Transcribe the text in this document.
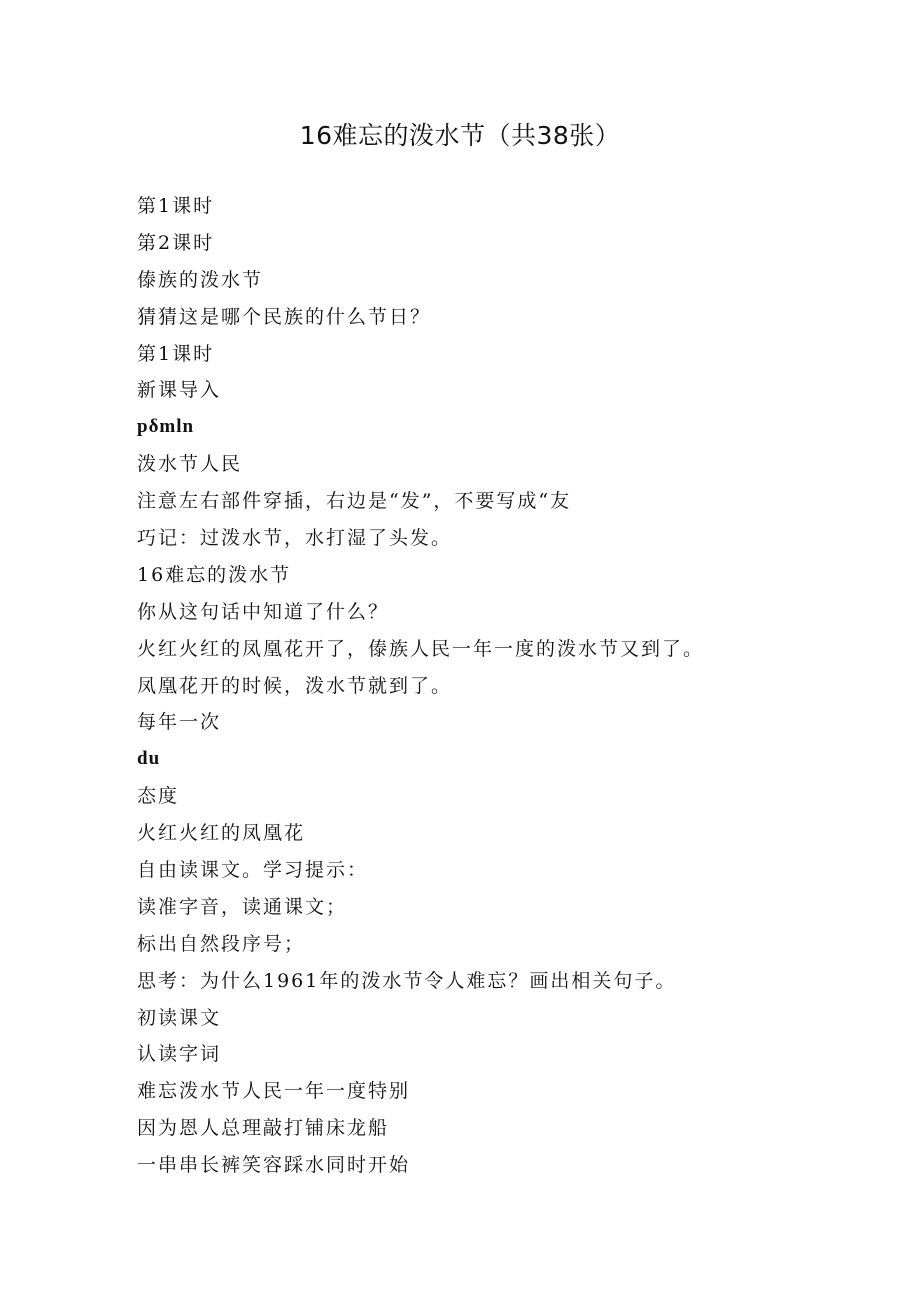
16难忘的泼水节（共38张）
第1课时
第2课时
傣族的泼水节
猜猜这是哪个民族的什么节日？
第1课时
新课导入
pδmln
泼水节人民
注意左右部件穿插，右边是“发”，不要写成“友
巧记：过泼水节，水打湿了头发。
16难忘的泼水节
你从这句话中知道了什么？
火红火红的凤凰花开了，傣族人民一年一度的泼水节又到了。
凤凰花开的时候，泼水节就到了。
每年一次
du
态度
火红火红的凤凰花
自由读课文。学习提示：
读准字音，读通课文；
标出自然段序号；
思考：为什么1961年的泼水节令人难忘？画出相关句子。
初读课文
认读字词
难忘泼水节人民一年一度特别
因为恩人总理敲打铺床龙船
一串串长裤笑容踩水同时开始
